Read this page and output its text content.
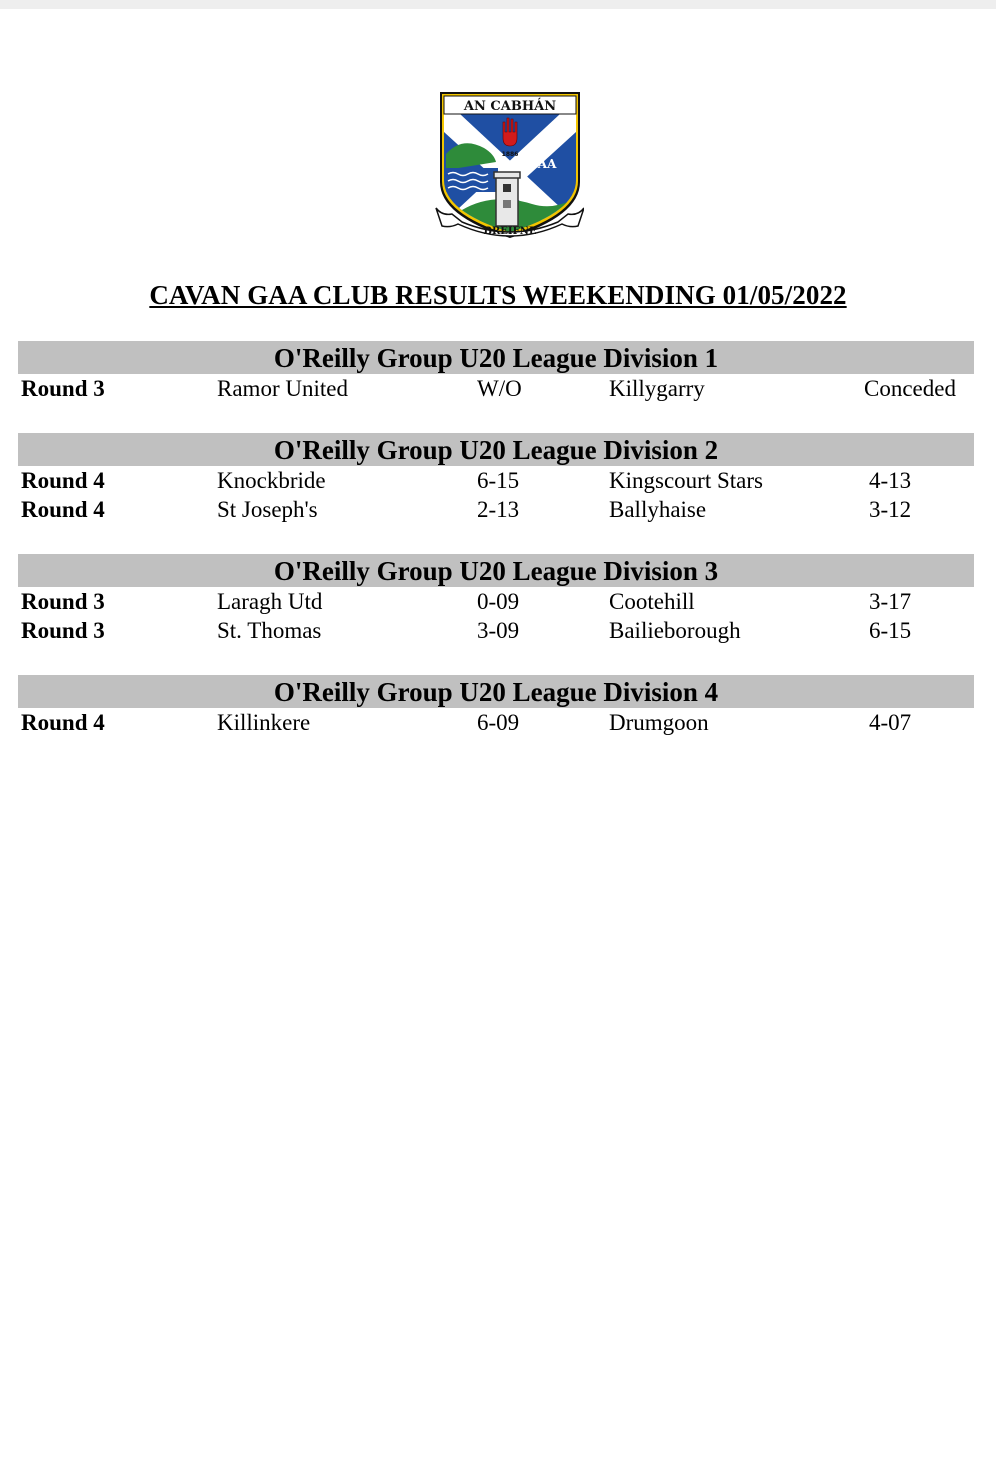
AN CABHÁN
1886
GAA
BREIFNE
CAVAN GAA CLUB RESULTS WEEKENDING 01/05/2022
O'Reilly Group U20 League Division 1
Round 3	Ramor United	W/O	Killygarry	Conceded
O'Reilly Group U20 League Division 2
Round 4	Knockbride	6-15	Kingscourt Stars	4-13
Round 4	St Joseph's	2-13	Ballyhaise	3-12
O'Reilly Group U20 League Division 3
Round 3	Laragh Utd	0-09	Cootehill	3-17
Round 3	St. Thomas	3-09	Bailieborough	6-15
O'Reilly Group U20 League Division 4
Round 4	Killinkere	6-09	Drumgoon	4-07
